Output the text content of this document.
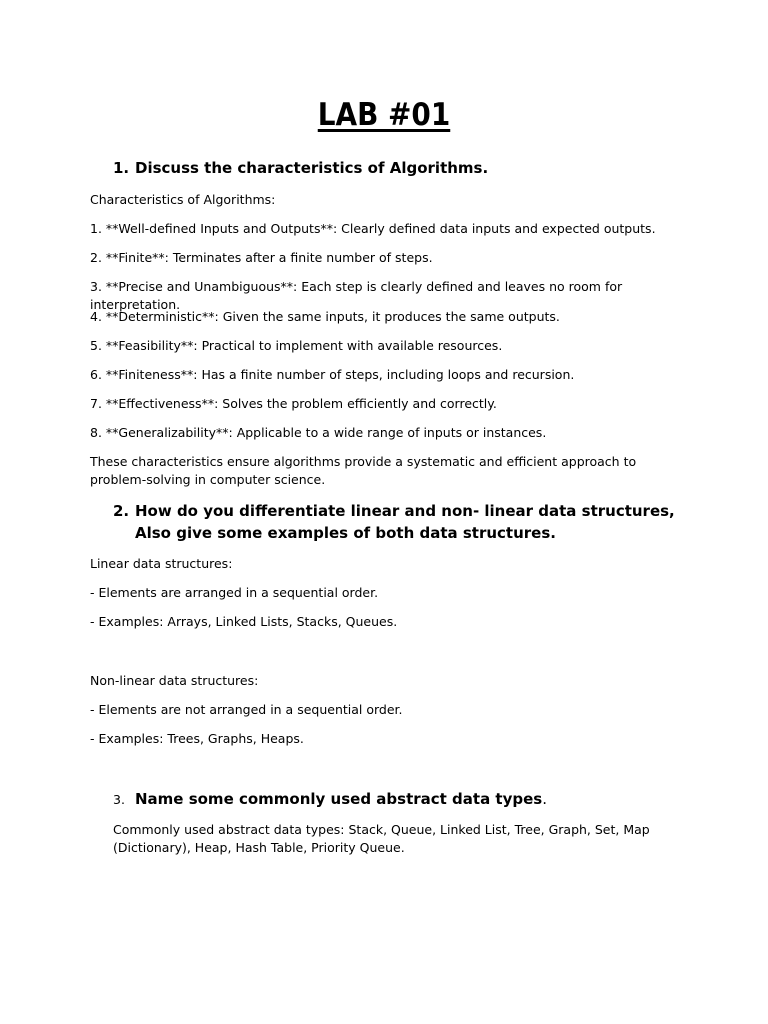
LAB #01
1. Discuss the characteristics of Algorithms.
Characteristics of Algorithms:
1. **Well-defined Inputs and Outputs**: Clearly defined data inputs and expected outputs.
2. **Finite**: Terminates after a finite number of steps.
3. **Precise and Unambiguous**: Each step is clearly defined and leaves no room for interpretation.
4. **Deterministic**: Given the same inputs, it produces the same outputs.
5. **Feasibility**: Practical to implement with available resources.
6. **Finiteness**: Has a finite number of steps, including loops and recursion.
7. **Effectiveness**: Solves the problem efficiently and correctly.
8. **Generalizability**: Applicable to a wide range of inputs or instances.
These characteristics ensure algorithms provide a systematic and efficient approach to problem-solving in computer science.
2. How do you differentiate linear and non- linear data structures, Also give some examples of both data structures.
Linear data structures:
- Elements are arranged in a sequential order.
- Examples: Arrays, Linked Lists, Stacks, Queues.
Non-linear data structures:
- Elements are not arranged in a sequential order.
- Examples: Trees, Graphs, Heaps.
3. Name some commonly used abstract data types.
Commonly used abstract data types: Stack, Queue, Linked List, Tree, Graph, Set, Map (Dictionary), Heap, Hash Table, Priority Queue.
